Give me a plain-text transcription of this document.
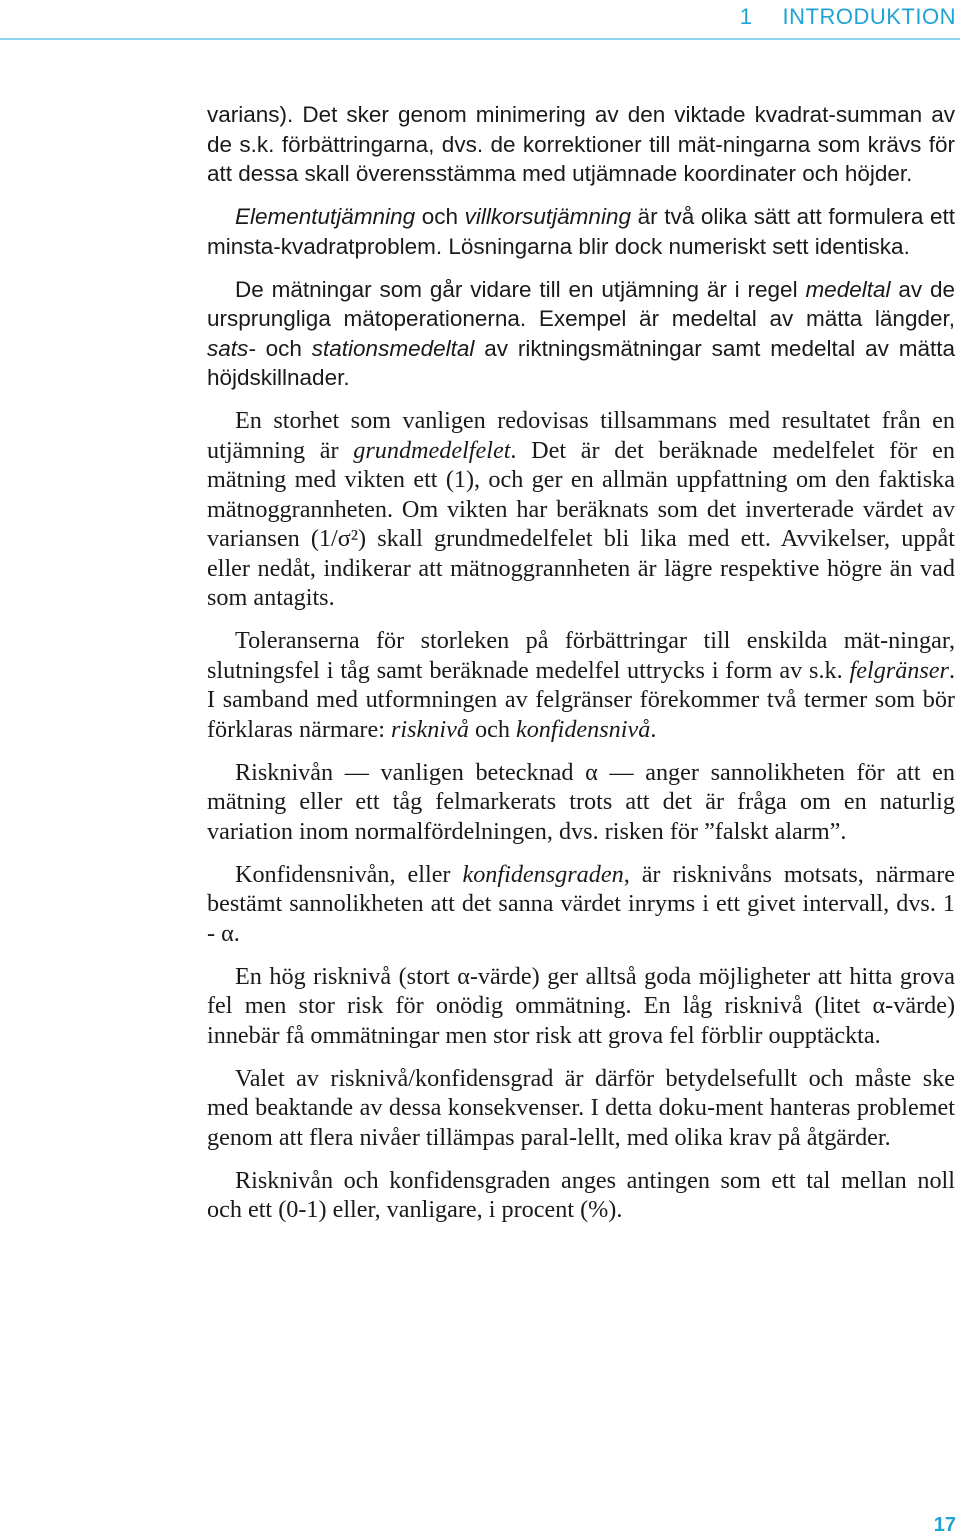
1 INTRODUKTION

varians). Det sker genom minimering av den viktade kvadrat-summan av de s.k. förbättringarna, dvs. de korrektioner till mät-ningarna som krävs för att dessa skall överensstämma med utjämnade koordinater och höjder.

Elementutjämning och villkorsutjämning är två olika sätt att formulera ett minsta-kvadratproblem. Lösningarna blir dock numeriskt sett identiska.

De mätningar som går vidare till en utjämning är i regel medeltal av de ursprungliga mätoperationerna. Exempel är medeltal av mätta längder, sats- och stationsmedeltal av riktningsmätningar samt medeltal av mätta höjdskillnader.

En storhet som vanligen redovisas tillsammans med resultatet från en utjämning är grundmedelfelet. Det är det beräknade medelfelet för en mätning med vikten ett (1), och ger en allmän uppfattning om den faktiska mätnoggrannheten. Om vikten har beräknats som det inverterade värdet av variansen (1/σ²) skall grundmedelfelet bli lika med ett. Avvikelser, uppåt eller nedåt, indikerar att mätnoggrannheten är lägre respektive högre än vad som antagits.

Toleranserna för storleken på förbättringar till enskilda mät-ningar, slutningsfel i tåg samt beräknade medelfel uttrycks i form av s.k. felgränser. I samband med utformningen av felgränser förekommer två termer som bör förklaras närmare: risknivå och konfidensnivå.

Risknivån — vanligen betecknad α — anger sannolikheten för att en mätning eller ett tåg felmarkerats trots att det är fråga om en naturlig variation inom normalfördelningen, dvs. risken för ”falskt alarm”.

Konfidensnivån, eller konfidensgraden, är risknivåns motsats, närmare bestämt sannolikheten att det sanna värdet inryms i ett givet intervall, dvs. 1 - α.

En hög risknivå (stort α-värde) ger alltså goda möjligheter att hitta grova fel men stor risk för onödig ommätning. En låg risknivå (litet α-värde) innebär få ommätningar men stor risk att grova fel förblir oupptäckta.

Valet av risknivå/konfidensgrad är därför betydelsefullt och måste ske med beaktande av dessa konsekvenser. I detta doku-ment hanteras problemet genom att flera nivåer tillämpas paral-lellt, med olika krav på åtgärder.

Risknivån och konfidensgraden anges antingen som ett tal mellan noll och ett (0-1) eller, vanligare, i procent (%).

17
